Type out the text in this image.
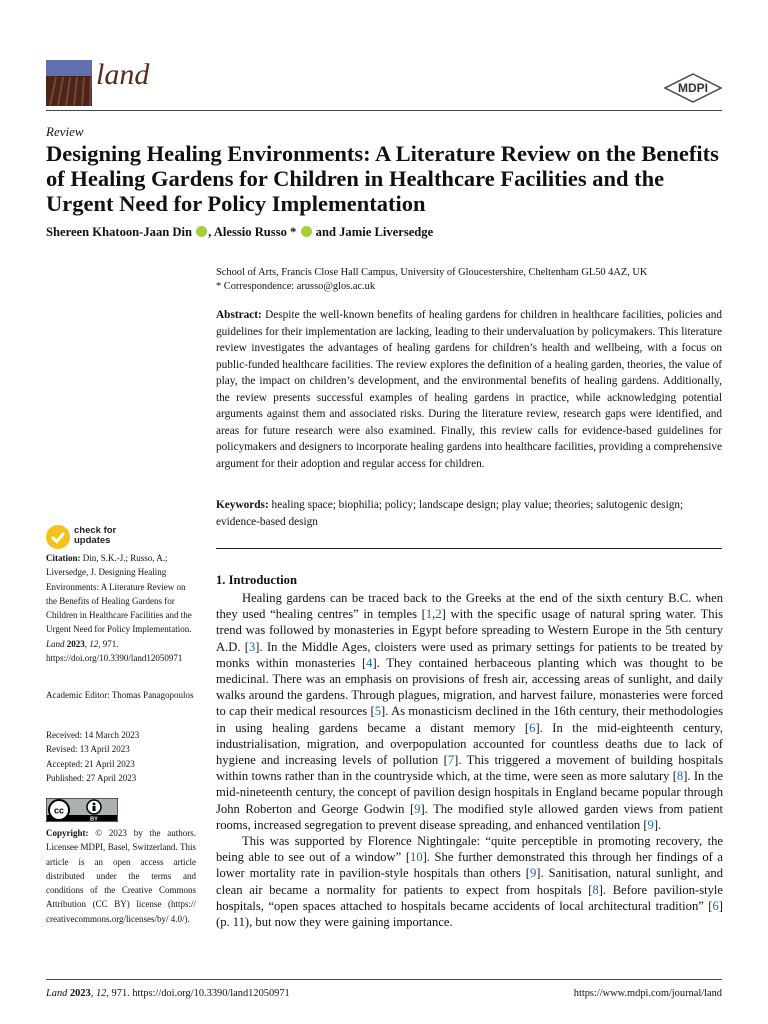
land	MDPI
Review
Designing Healing Environments: A Literature Review on the Benefits of Healing Gardens for Children in Healthcare Facilities and the Urgent Need for Policy Implementation
Shereen Khatoon-Jaan Din , Alessio Russo *  and Jamie Liversedge
School of Arts, Francis Close Hall Campus, University of Gloucestershire, Cheltenham GL50 4AZ, UK
* Correspondence: arusso@glos.ac.uk
Abstract: Despite the well-known benefits of healing gardens for children in healthcare facilities, policies and guidelines for their implementation are lacking, leading to their undervaluation by policymakers. This literature review investigates the advantages of healing gardens for children’s health and wellbeing, with a focus on public-funded healthcare facilities. The review explores the definition of a healing garden, theories, the value of play, the impact on children’s development, and the environmental benefits of healing gardens. Additionally, the review presents successful examples of healing gardens in practice, while acknowledging potential arguments against them and associated risks. During the literature review, research gaps were identified, and areas for future research were also examined. Finally, this review calls for evidence-based guidelines for policymakers and designers to incorporate healing gardens into healthcare facilities, providing a comprehensive argument for their adoption and regular access for children.
Keywords: healing space; biophilia; policy; landscape design; play value; theories; salutogenic design; evidence-based design
check for
updates
Citation: Din, S.K.-J.; Russo, A.; Liversedge, J. Designing Healing Environments: A Literature Review on the Benefits of Healing Gardens for Children in Healthcare Facilities and the Urgent Need for Policy Implementation. Land 2023, 12, 971. https://doi.org/10.3390/land12050971
Academic Editor: Thomas Panagopoulos
Received: 14 March 2023
Revised: 13 April 2023
Accepted: 21 April 2023
Published: 27 April 2023
cc
BY
Copyright: © 2023 by the authors. Licensee MDPI, Basel, Switzerland. This article is an open access article distributed under the terms and conditions of the Creative Commons Attribution (CC BY) license (https:// creativecommons.org/licenses/by/ 4.0/).
1. Introduction

Healing gardens can be traced back to the Greeks at the end of the sixth century B.C. when they used “healing centres” in temples [1,2] with the specific usage of natural spring water. This trend was followed by monasteries in Egypt before spreading to Western Europe in the 5th century A.D. [3]. In the Middle Ages, cloisters were used as primary settings for patients to be treated by monks within monasteries [4]. They contained herbaceous planting which was thought to be medicinal. There was an emphasis on provisions of fresh air, accessing areas of sunlight, and daily walks around the gardens. Through plagues, migration, and harvest failure, monasteries were forced to cap their medical resources [5]. As monasticism declined in the 16th century, their methodologies in using healing gardens became a distant memory [6]. In the mid-eighteenth century, industrialisation, migration, and overpopulation accounted for countless deaths due to lack of hygiene and increasing levels of pollution [7]. This triggered a movement of building hospitals within towns rather than in the countryside which, at the time, were seen as more salutary [8]. In the mid-nineteenth century, the concept of pavilion design hospitals in England became popular through John Roberton and George Godwin [9]. The modified style allowed garden views from patient rooms, increased segregation to prevent disease spreading, and enhanced ventilation [9].

This was supported by Florence Nightingale: “quite perceptible in promoting recovery, the being able to see out of a window” [10]. She further demonstrated this through her findings of a lower mortality rate in pavilion-style hospitals than others [9]. Sanitisation, natural sunlight, and clean air became a normality for patients to expect from hospitals [8]. Before pavilion-style hospitals, “open spaces attached to hospitals became accidents of local architectural tradition” [6] (p. 11), but now they were gaining importance.

Land 2023, 12, 971. https://doi.org/10.3390/land12050971	https://www.mdpi.com/journal/land
